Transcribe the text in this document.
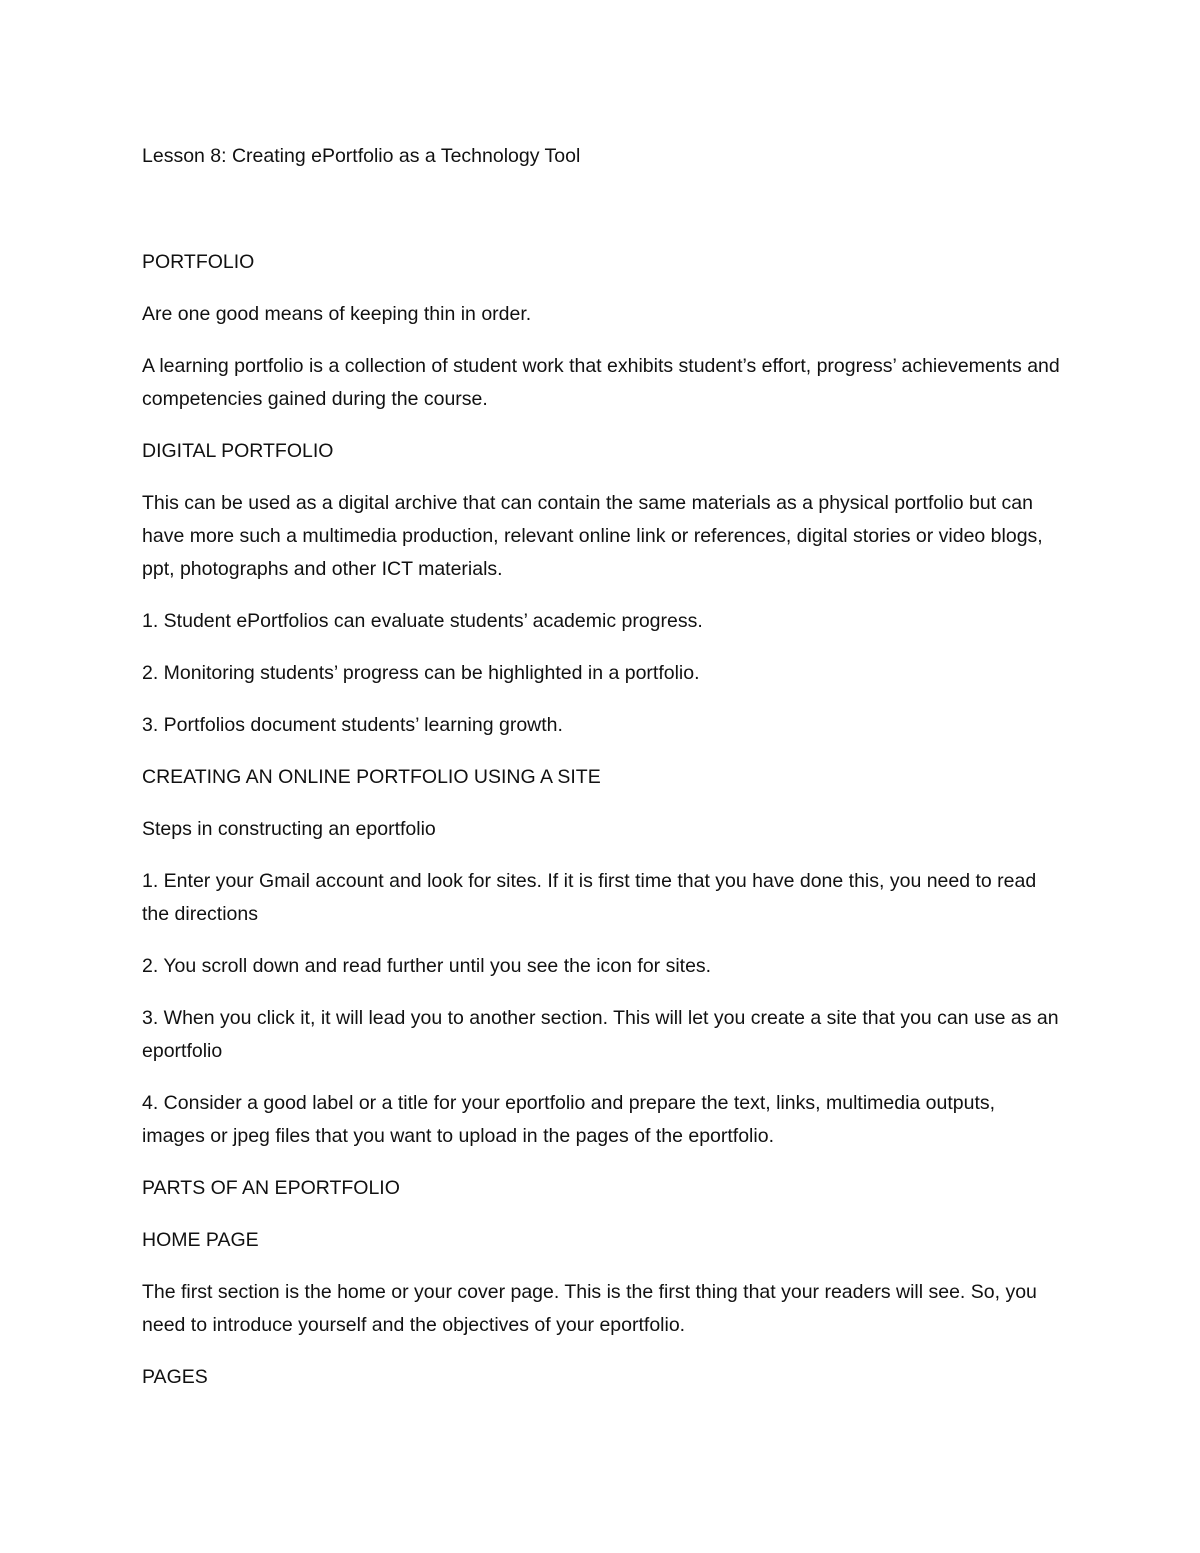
Lesson 8: Creating ePortfolio as a Technology Tool

PORTFOLIO

Are one good means of keeping thin in order.

A learning portfolio is a collection of student work that exhibits student’s effort, progress’ achievements and competencies gained during the course.

DIGITAL PORTFOLIO

This can be used as a digital archive that can contain the same materials as a physical portfolio but can have more such a multimedia production, relevant online link or references, digital stories or video blogs, ppt, photographs and other ICT materials.

1. Student ePortfolios can evaluate students’ academic progress.

2. Monitoring students’ progress can be highlighted in a portfolio.

3. Portfolios document students’ learning growth.

CREATING AN ONLINE PORTFOLIO USING A SITE

Steps in constructing an eportfolio

1. Enter your Gmail account and look for sites. If it is first time that you have done this, you need to read the directions

2. You scroll down and read further until you see the icon for sites.

3. When you click it, it will lead you to another section. This will let you create a site that you can use as an eportfolio

4. Consider a good label or a title for your eportfolio and prepare the text, links, multimedia outputs, images or jpeg files that you want to upload in the pages of the eportfolio.

PARTS OF AN EPORTFOLIO

HOME PAGE

The first section is the home or your cover page. This is the first thing that your readers will see. So, you need to introduce yourself and the objectives of your eportfolio.

PAGES
